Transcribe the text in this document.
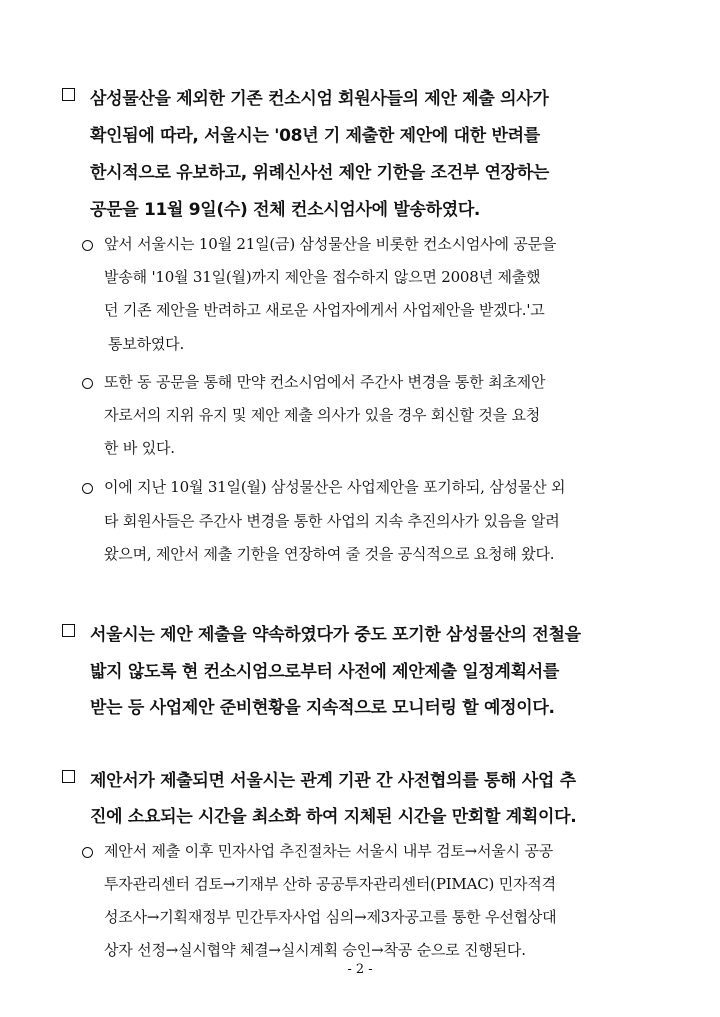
삼성물산을 제외한 기존 컨소시엄 회원사들의 제안 제출 의사가
확인됨에 따라, 서울시는 '08년 기 제출한 제안에 대한 반려를
한시적으로 유보하고, 위례신사선 제안 기한을 조건부 연장하는
공문을 11월 9일(수) 전체 컨소시엄사에 발송하였다.
앞서 서울시는 10월 21일(금) 삼성물산을 비롯한 컨소시엄사에 공문을
발송해 '10월 31일(월)까지 제안을 접수하지 않으면 2008년 제출했
던 기존 제안을 반려하고 새로운 사업자에게서 사업제안을 받겠다.'고
통보하였다.
또한 동 공문을 통해 만약 컨소시엄에서 주간사 변경을 통한 최초제안
자로서의 지위 유지 및 제안 제출 의사가 있을 경우 회신할 것을 요청
한 바 있다.
이에 지난 10월 31일(월) 삼성물산은 사업제안을 포기하되, 삼성물산 외
타 회원사들은 주간사 변경을 통한 사업의 지속 추진의사가 있음을 알려
왔으며, 제안서 제출 기한을 연장하여 줄 것을 공식적으로 요청해 왔다.
서울시는 제안 제출을 약속하였다가 중도 포기한 삼성물산의 전철을
밟지 않도록 현 컨소시엄으로부터 사전에 제안제출 일정계획서를
받는 등 사업제안 준비현황을 지속적으로 모니터링 할 예정이다.
제안서가 제출되면 서울시는 관계 기관 간 사전협의를 통해 사업 추
진에 소요되는 시간을 최소화 하여 지체된 시간을 만회할 계획이다.
제안서 제출 이후 민자사업 추진절차는 서울시 내부 검토→서울시 공공
투자관리센터 검토→기재부 산하 공공투자관리센터(PIMAC) 민자적격
성조사→기획재정부 민간투자사업 심의→제3자공고를 통한 우선협상대
상자 선정→실시협약 체결→실시계획 승인→착공 순으로 진행된다.
- 2 -
